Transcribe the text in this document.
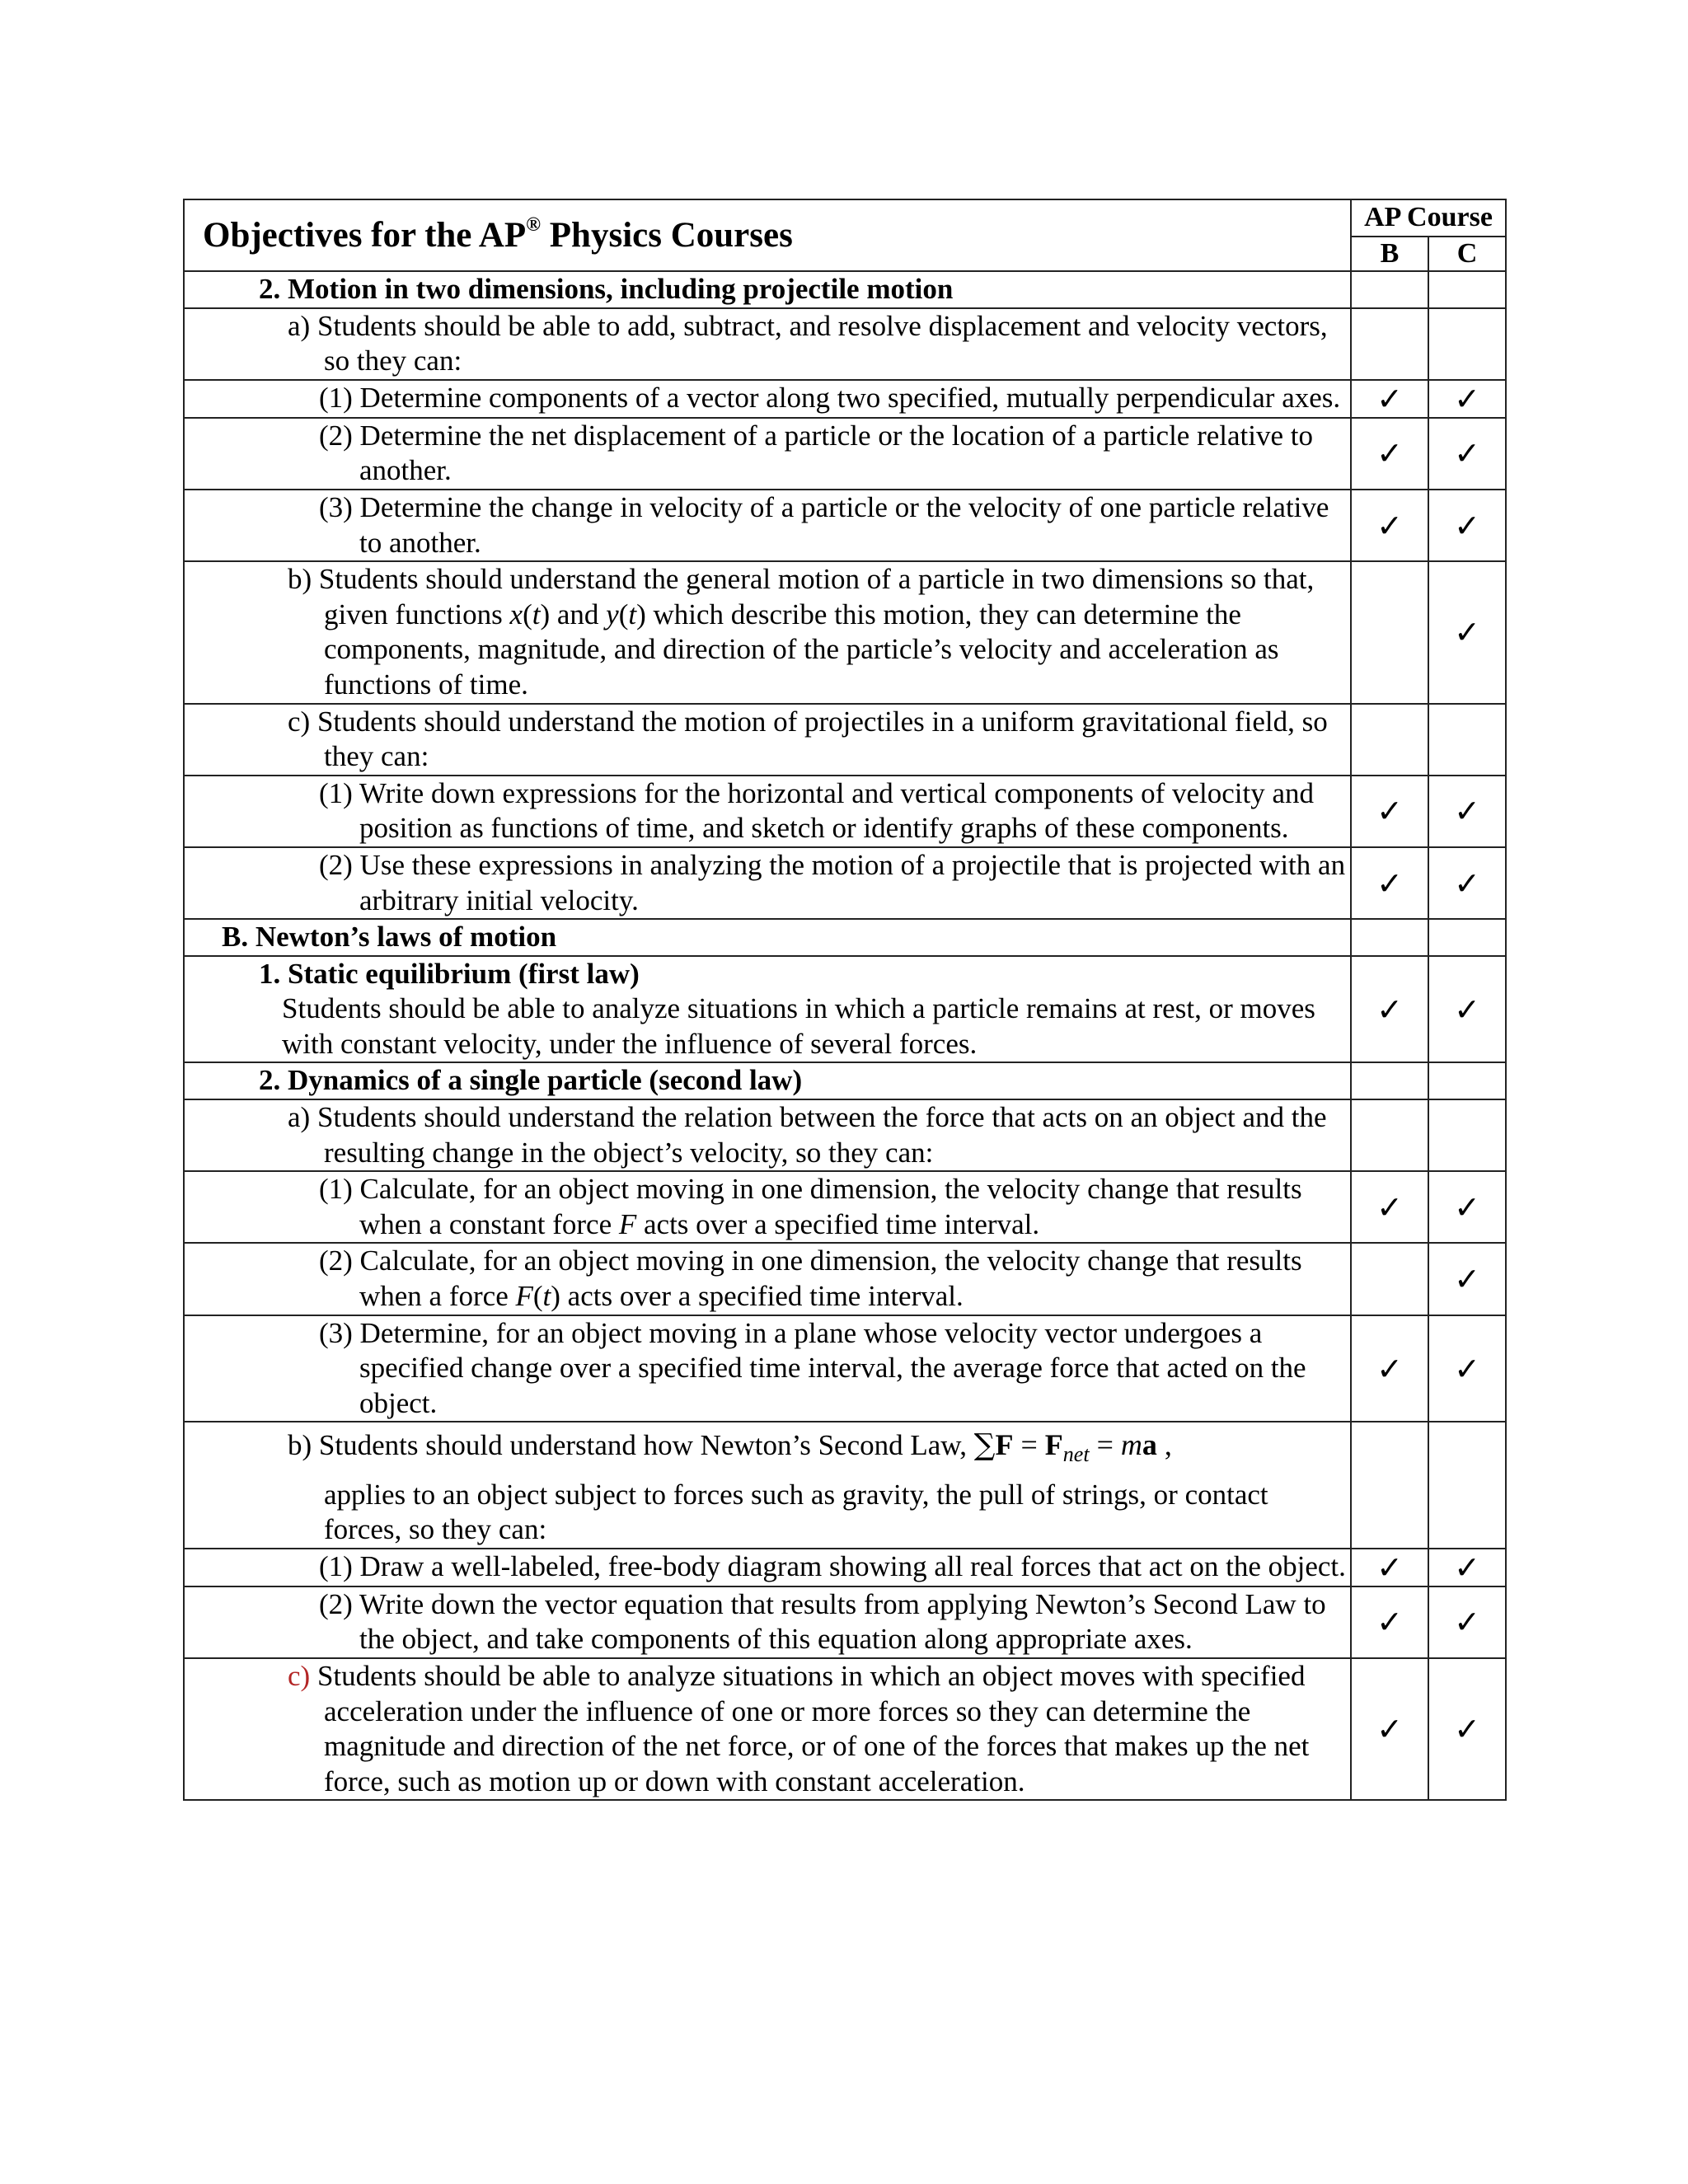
Objectives for the AP® Physics Courses	AP Course	
	B	C

2. Motion in two dimensions, including projectile motion		

a) Students should be able to add, subtract, and resolve displacement and velocity vectors, so they can:		

(1) Determine components of a vector along two specified, mutually perpendicular axes.	✓	✓

(2) Determine the net displacement of a particle or the location of a particle relative to another.	✓	✓

(3) Determine the change in velocity of a particle or the velocity of one particle relative to another.	✓	✓

b) Students should understand the general motion of a particle in two dimensions so that, given functions x(t) and y(t) which describe this motion, they can determine the components, magnitude, and direction of the particle’s velocity and acceleration as functions of time.		✓

c) Students should understand the motion of projectiles in a uniform gravitational field, so they can:		

(1) Write down expressions for the horizontal and vertical components of velocity and position as functions of time, and sketch or identify graphs of these components.	✓	✓

(2) Use these expressions in analyzing the motion of a projectile that is projected with an arbitrary initial velocity.	✓	✓

B. Newton’s laws of motion		

1. Static equilibrium (first law)
Students should be able to analyze situations in which a particle remains at rest, or moves with constant velocity, under the influence of several forces.	✓	✓

2. Dynamics of a single particle (second law)		

a) Students should understand the relation between the force that acts on an object and the resulting change in the object’s velocity, so they can:		

(1) Calculate, for an object moving in one dimension, the velocity change that results when a constant force F acts over a specified time interval.	✓	✓

(2) Calculate, for an object moving in one dimension, the velocity change that results when a force F(t) acts over a specified time interval.		✓

(3) Determine, for an object moving in a plane whose velocity vector undergoes a specified change over a specified time interval, the average force that acted on the object.	✓	✓

b) Students should understand how Newton’s Second Law, $\sum F = F_{net}$ = ma ,
applies to an object subject to forces such as gravity, the pull of strings, or contact forces, so they can:		

(1) Draw a well-labeled, free-body diagram showing all real forces that act on the object.	✓	✓

(2) Write down the vector equation that results from applying Newton’s Second Law to the object, and take components of this equation along appropriate axes.	✓	✓

c) Students should be able to analyze situations in which an object moves with specified acceleration under the influence of one or more forces so they can determine the magnitude and direction of the net force, or of one of the forces that makes up the net force, such as motion up or down with constant acceleration.	✓	✓
